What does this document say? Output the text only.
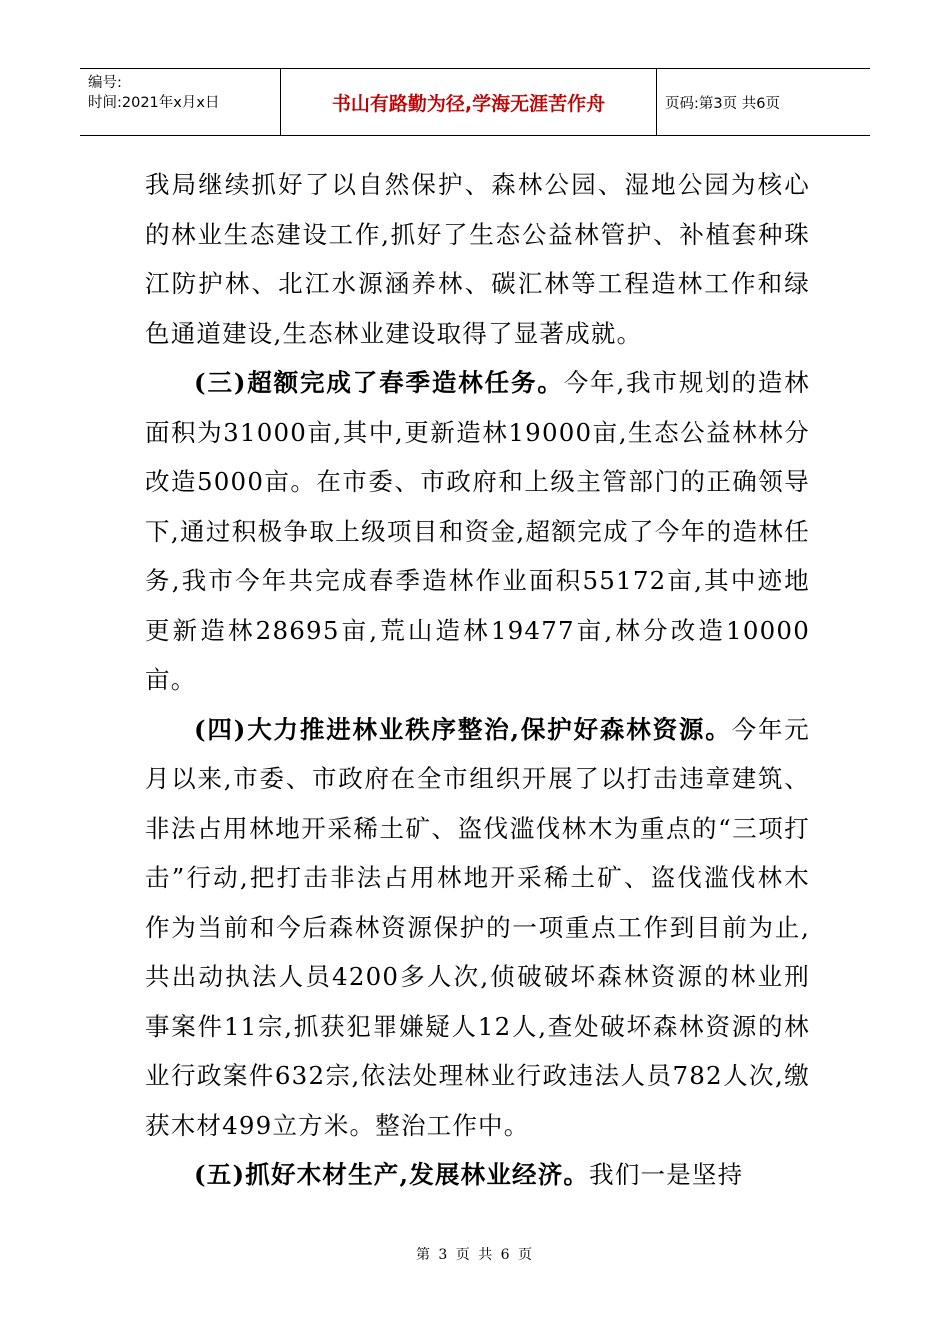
编号:
时间:2021年x月x日	书山有路勤为径,学海无涯苦作舟	页码:第3页 共6页

我局继续抓好了以自然保护、森林公园、湿地公园为核心的林业生态建设工作,抓好了生态公益林管护、补植套种珠江防护林、北江水源涵养林、碳汇林等工程造林工作和绿色通道建设,生态林业建设取得了显著成就。

(三)超额完成了春季造林任务。今年,我市规划的造林面积为31000亩,其中,更新造林19000亩,生态公益林林分改造5000亩。在市委、市政府和上级主管部门的正确领导下,通过积极争取上级项目和资金,超额完成了今年的造林任务,我市今年共完成春季造林作业面积55172亩,其中迹地更新造林28695亩,荒山造林19477亩,林分改造10000亩。

(四)大力推进林业秩序整治,保护好森林资源。今年元月以来,市委、市政府在全市组织开展了以打击违章建筑、非法占用林地开采稀土矿、盗伐滥伐林木为重点的“三项打击”行动,把打击非法占用林地开采稀土矿、盗伐滥伐林木作为当前和今后森林资源保护的一项重点工作到目前为止,共出动执法人员4200多人次,侦破破坏森林资源的林业刑事案件11宗,抓获犯罪嫌疑人12人,查处破坏森林资源的林业行政案件632宗,依法处理林业行政违法人员782人次,缴获木材499立方米。整治工作中。

(五)抓好木材生产,发展林业经济。我们一是坚持

第 3 页 共 6 页
